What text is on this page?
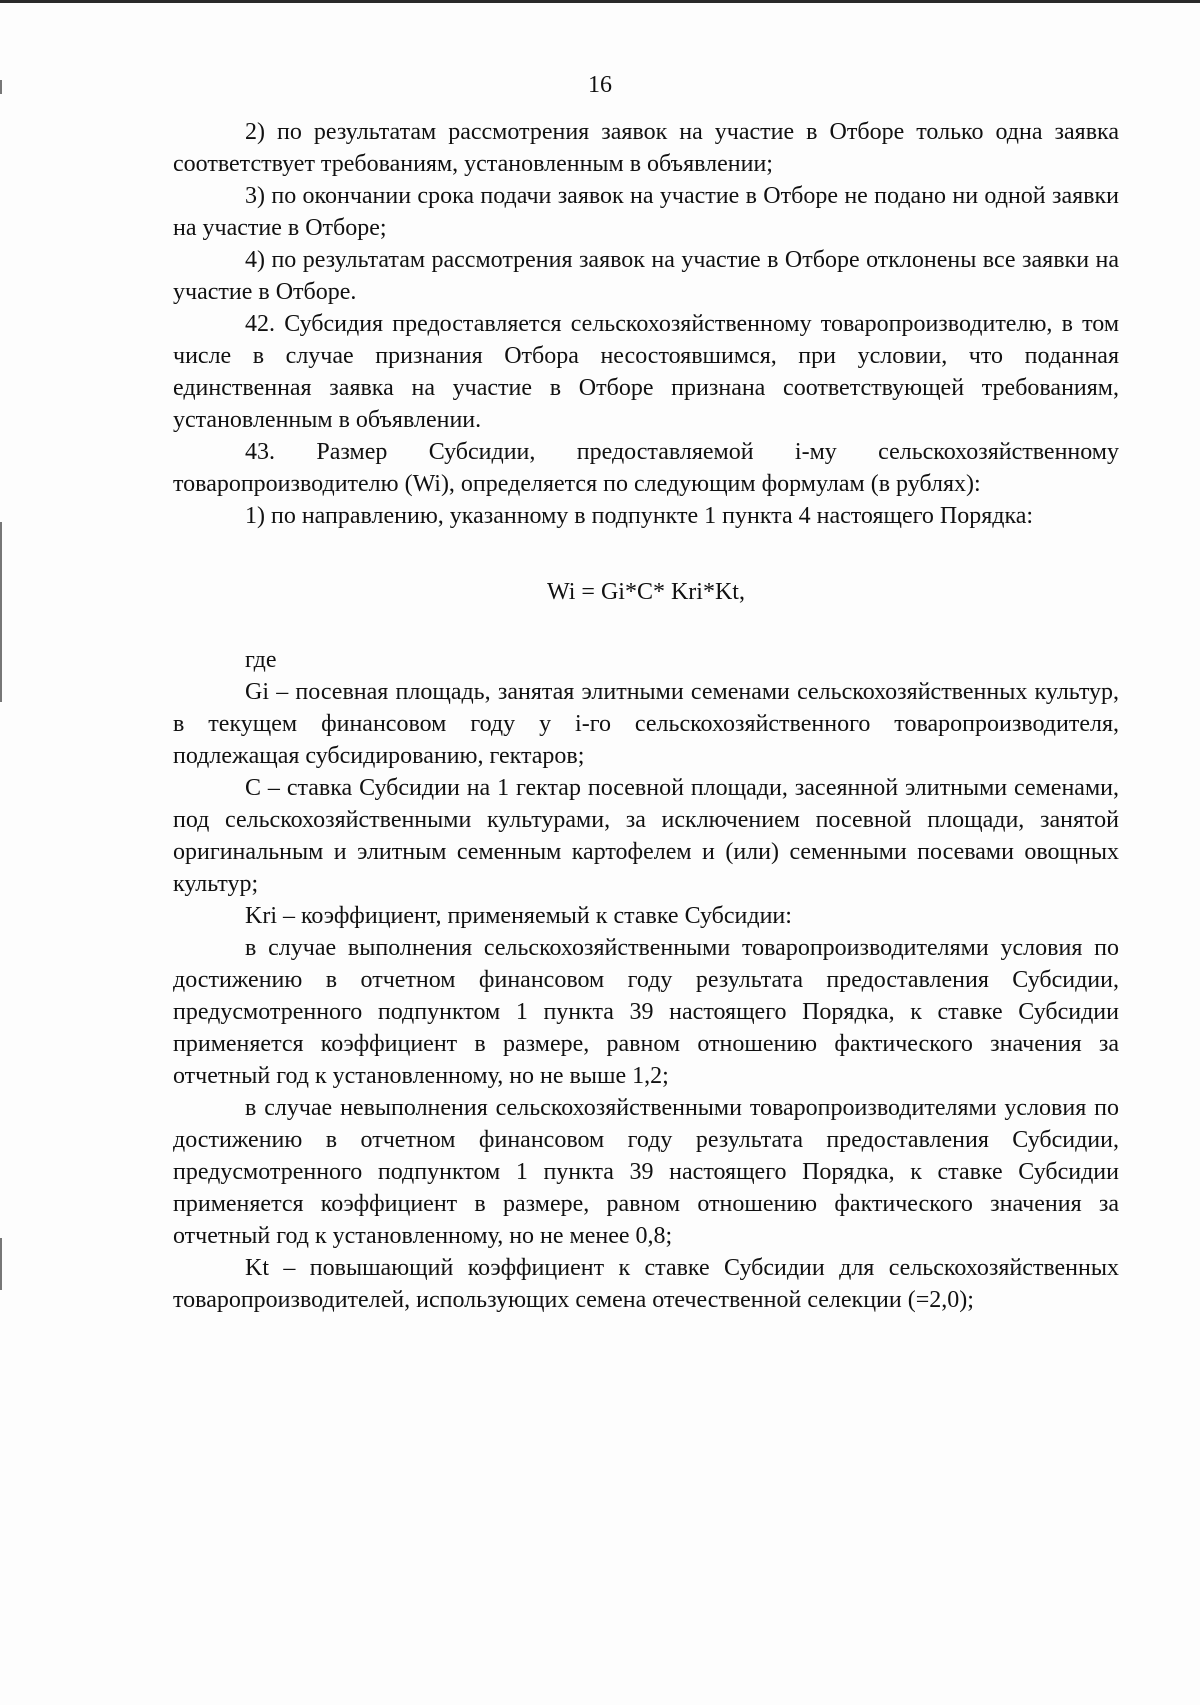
16

2) по результатам рассмотрения заявок на участие в Отборе только одна заявка соответствует требованиям, установленным в объявлении;

3) по окончании срока подачи заявок на участие в Отборе не подано ни одной заявки на участие в Отборе;

4) по результатам рассмотрения заявок на участие в Отборе отклонены все заявки на участие в Отборе.

42. Субсидия предоставляется сельскохозяйственному товаропроизводителю, в том числе в случае признания Отбора несостоявшимся, при условии, что поданная единственная заявка на участие в Отборе признана соответствующей требованиям, установленным в объявлении.

43. Размер Субсидии, предоставляемой i-му сельскохозяйственному товаропроизводителю (Wi), определяется по следующим формулам (в рублях):

1) по направлению, указанному в подпункте 1 пункта 4 настоящего Порядка:

Wi = Gi*C* Kri*Kt,

где

Gi – посевная площадь, занятая элитными семенами сельскохозяйственных культур, в текущем финансовом году у i-го сельскохозяйственного товаропроизводителя, подлежащая субсидированию, гектаров;

C – ставка Субсидии на 1 гектар посевной площади, засеянной элитными семенами, под сельскохозяйственными культурами, за исключением посевной площади, занятой оригинальным и элитным семенным картофелем и (или) семенными посевами овощных культур;

Kri – коэффициент, применяемый к ставке Субсидии:

в случае выполнения сельскохозяйственными товаропроизводителями условия по достижению в отчетном финансовом году результата предоставления Субсидии, предусмотренного подпунктом 1 пункта 39 настоящего Порядка, к ставке Субсидии применяется коэффициент в размере, равном отношению фактического значения за отчетный год к установленному, но не выше 1,2;

в случае невыполнения сельскохозяйственными товаропроизводителями условия по достижению в отчетном финансовом году результата предоставления Субсидии, предусмотренного подпунктом 1 пункта 39 настоящего Порядка, к ставке Субсидии применяется коэффициент в размере, равном отношению фактического значения за отчетный год к установленному, но не менее 0,8;

Kt – повышающий коэффициент к ставке Субсидии для сельскохозяйственных товаропроизводителей, использующих семена отечественной селекции (=2,0);
